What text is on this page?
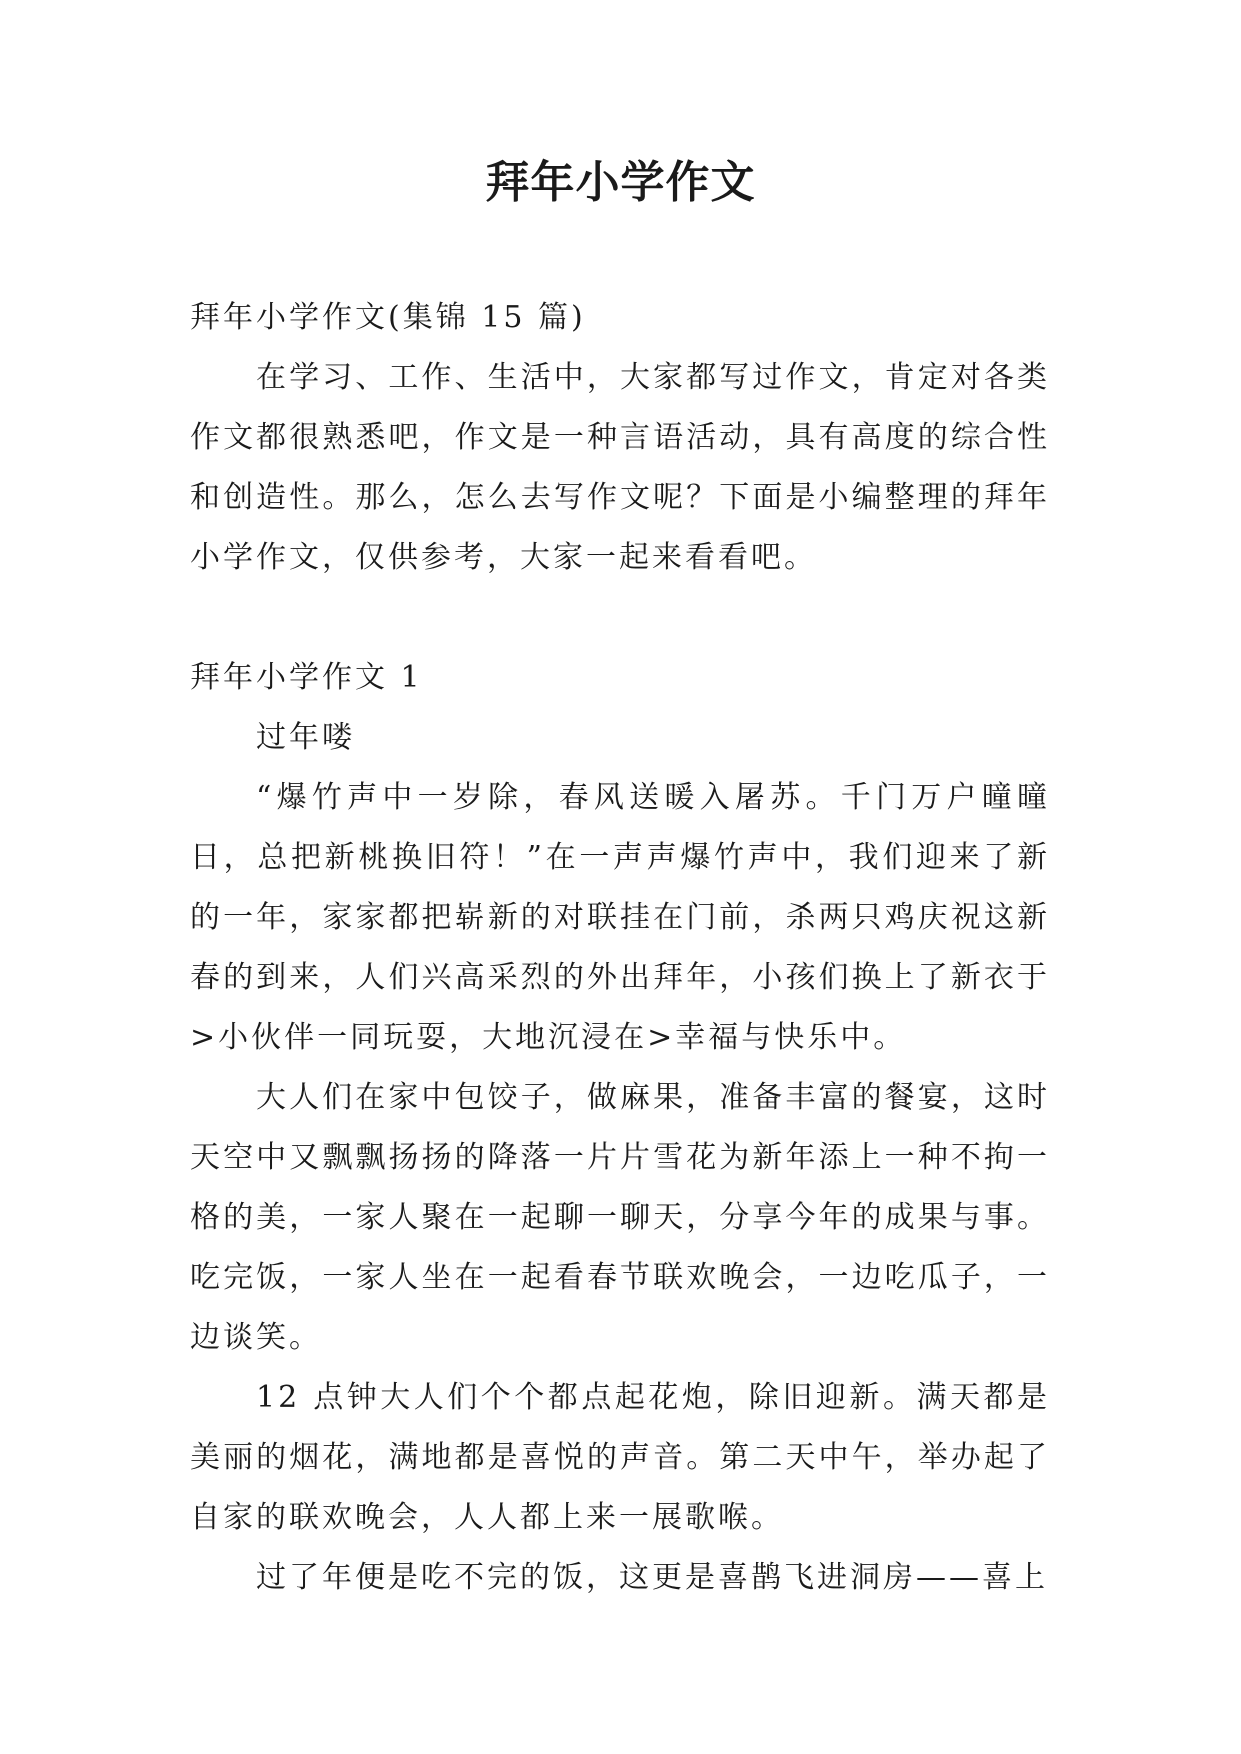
拜年小学作文

拜年小学作文(集锦 15 篇)

在学习、工作、生活中，大家都写过作文，肯定对各类作文都很熟悉吧，作文是一种言语活动，具有高度的综合性和创造性。那么，怎么去写作文呢？下面是小编整理的拜年小学作文，仅供参考，大家一起来看看吧。

拜年小学作文 1

过年喽

“爆竹声中一岁除，春风送暖入屠苏。千门万户曈曈日，总把新桃换旧符！”在一声声爆竹声中，我们迎来了新的一年，家家都把崭新的对联挂在门前，杀两只鸡庆祝这新春的到来，人们兴高采烈的外出拜年，小孩们换上了新衣于>小伙伴一同玩耍，大地沉浸在>幸福与快乐中。

大人们在家中包饺子，做麻果，准备丰富的餐宴，这时天空中又飘飘扬扬的降落一片片雪花为新年添上一种不拘一格的美，一家人聚在一起聊一聊天，分享今年的成果与事。吃完饭，一家人坐在一起看春节联欢晚会，一边吃瓜子，一边谈笑。

12 点钟大人们个个都点起花炮，除旧迎新。满天都是美丽的烟花，满地都是喜悦的声音。第二天中午，举办起了自家的联欢晚会，人人都上来一展歌喉。

过了年便是吃不完的饭，这更是喜鹊飞进洞房——喜上
